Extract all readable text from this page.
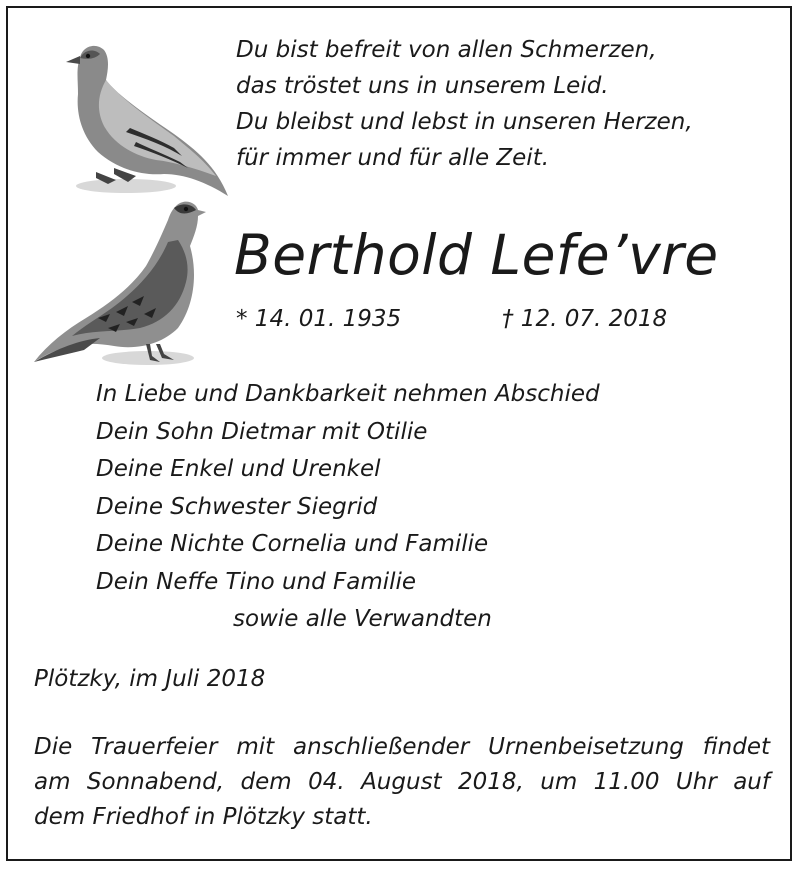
Du bist befreit von allen Schmerzen,
das tröstet uns in unserem Leid.
Du bleibst und lebst in unseren Herzen,
für immer und für alle Zeit.
Berthold Lefe’vre
* 14. 01. 1935	† 12. 07. 2018
In Liebe und Dankbarkeit nehmen Abschied
Dein Sohn Dietmar mit Otilie
Deine Enkel und Urenkel
Deine Schwester Siegrid
Deine Nichte Cornelia und Familie
Dein Neffe Tino und Familie
sowie alle Verwandten
Plötzky, im Juli 2018
Die Trauerfeier mit anschließender Urnenbeisetzung findet
am Sonnabend, dem 04. August 2018, um 11.00 Uhr auf
dem Friedhof in Plötzky statt.
